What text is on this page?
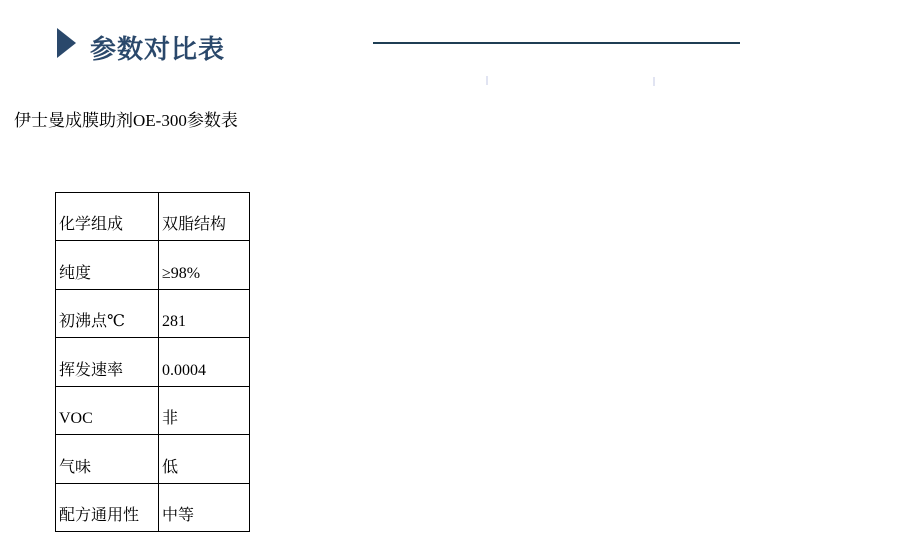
参数对比表
伊士曼成膜助剂OE-300参数表
化学组成	双脂结构
纯度	≥98%
初沸点℃	281
挥发速率	0.0004
VOC	非
气味	低
配方通用性	中等
